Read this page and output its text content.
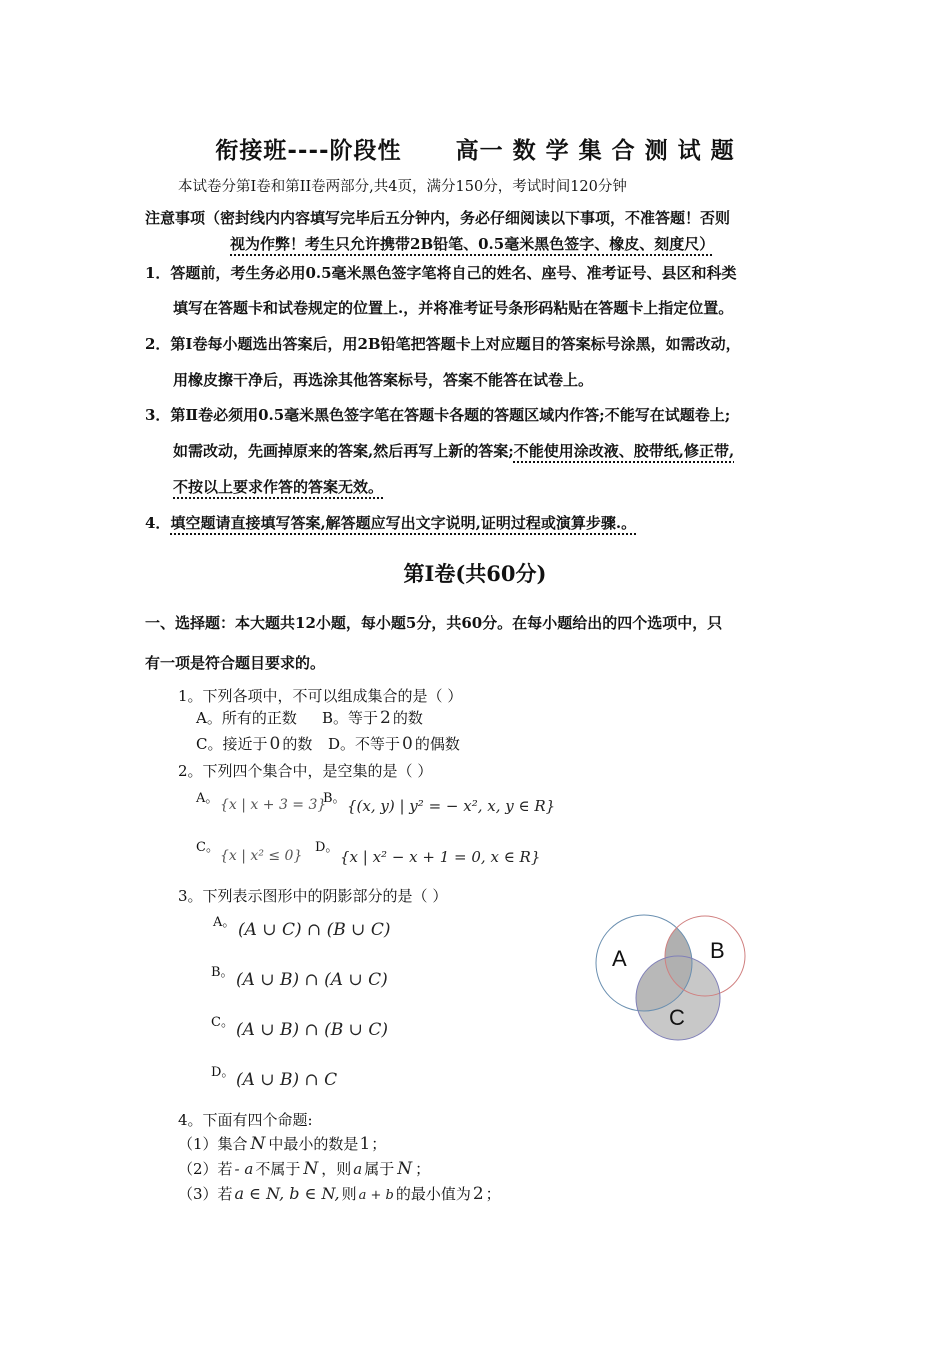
衔接班----阶段性 高一 数 学 集 合 测 试 题
本试卷分第Ⅰ卷和第II卷两部分,共4页，满分150分，考试时间120分钟
注意事项（密封线内内容填写完毕后五分钟内，务必仔细阅读以下事项，不准答题！否则
视为作弊！考生只允许携带2B铅笔、0.5毫米黑色签字、橡皮、刻度尺）
1．答题前，考生务必用0.5毫米黑色签字笔将自己的姓名、座号、准考证号、县区和科类
填写在答题卡和试卷规定的位置上.，并将准考证号条形码粘贴在答题卡上指定位置。
2．第Ⅰ卷每小题选出答案后，用2B铅笔把答题卡上对应题目的答案标号涂黑，如需改动，
用橡皮擦干净后，再选涂其他答案标号，答案不能答在试卷上。
3．第Ⅱ卷必须用0.5毫米黑色签字笔在答题卡各题的答题区域内作答;不能写在试题卷上;
如需改动，先画掉原来的答案,然后再写上新的答案;不能使用涂改液、胶带纸,修正带,
不按以上要求作答的答案无效。
4．填空题请直接填写答案,解答题应写出文字说明,证明过程或演算步骤.。
第Ⅰ卷(共60分)
一、选择题：本大题共12小题，每小题5分，共60分。在每小题给出的四个选项中，只
有一项是符合题目要求的。
1。下列各项中，不可以组成集合的是（ ）
A。所有的正数 B。等于 2 的数
C。接近于 0 的数 D。不等于 0 的偶数
2。下列四个集合中，是空集的是（ ）
A。 {x | x + 3 = 3}
B。 {(x, y) | y² = − x², x, y ∈ R}
C。
{x | x² ≤ 0}
D。
{x | x² − x + 1 = 0, x ∈ R}
3。下列表示图形中的阴影部分的是（ ）
A。 (A ∪ C) ∩ (B ∪ C)
B。 (A ∪ B) ∩ (A ∪ C)
C。 (A ∪ B) ∩ (B ∪ C)
D。 (A ∪ B) ∩ C
A	B
C
4。下面有四个命题:
（1）集合 N 中最小的数是1；
（2）若 - a 不属于 N ，则 a 属于 N ；
（3）若 a ∈ N, b ∈ N, 则 a + b 的最小值为 2 ；
